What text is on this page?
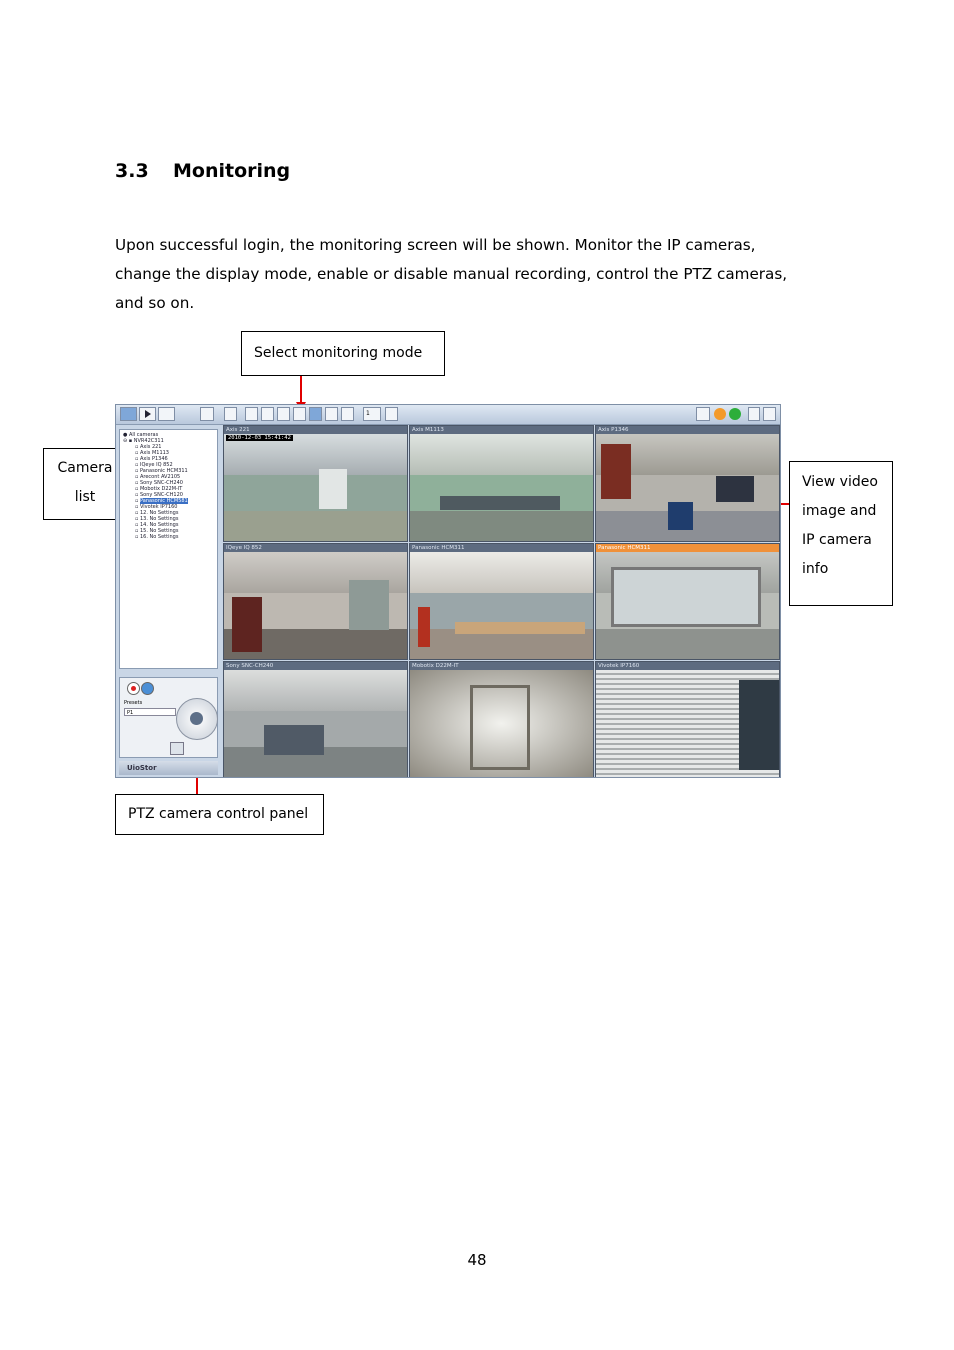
3.3 Monitoring
Upon successful login, the monitoring screen will be shown. Monitor the IP cameras,
change the display mode, enable or disable manual recording, control the PTZ cameras,
and so on.
Select monitoring mode
Camera
list
View video
image and
IP camera
info
PTZ camera control panel
1
● All cameras
⊖ ▪ NVR42C311
▫ Axis 221
▫ Axis M1113
▫ Axis P1346
▫ IQeye IQ 852
▫ Panasonic HCM311
▫ Arecont AV2105
▫ Sony SNC-CH240
▫ Mobotix D22M-IT
▫ Sony SNC-CH120
▫ Panasonic HCM581
▫ Vivotek IP7160
▫ 12. No Settings
▫ 13. No Settings
▫ 14. No Settings
▫ 15. No Settings
▫ 16. No Settings
Presets
P1
UioStor
Axis 221
2010-12-03 15:41:42
Axis M1113	Axis P1346
IQeye IQ 852	Panasonic HCM311	Panasonic HCM311
Sony SNC-CH240	Mobotix D22M-IT	Vivotek IP7160
48
